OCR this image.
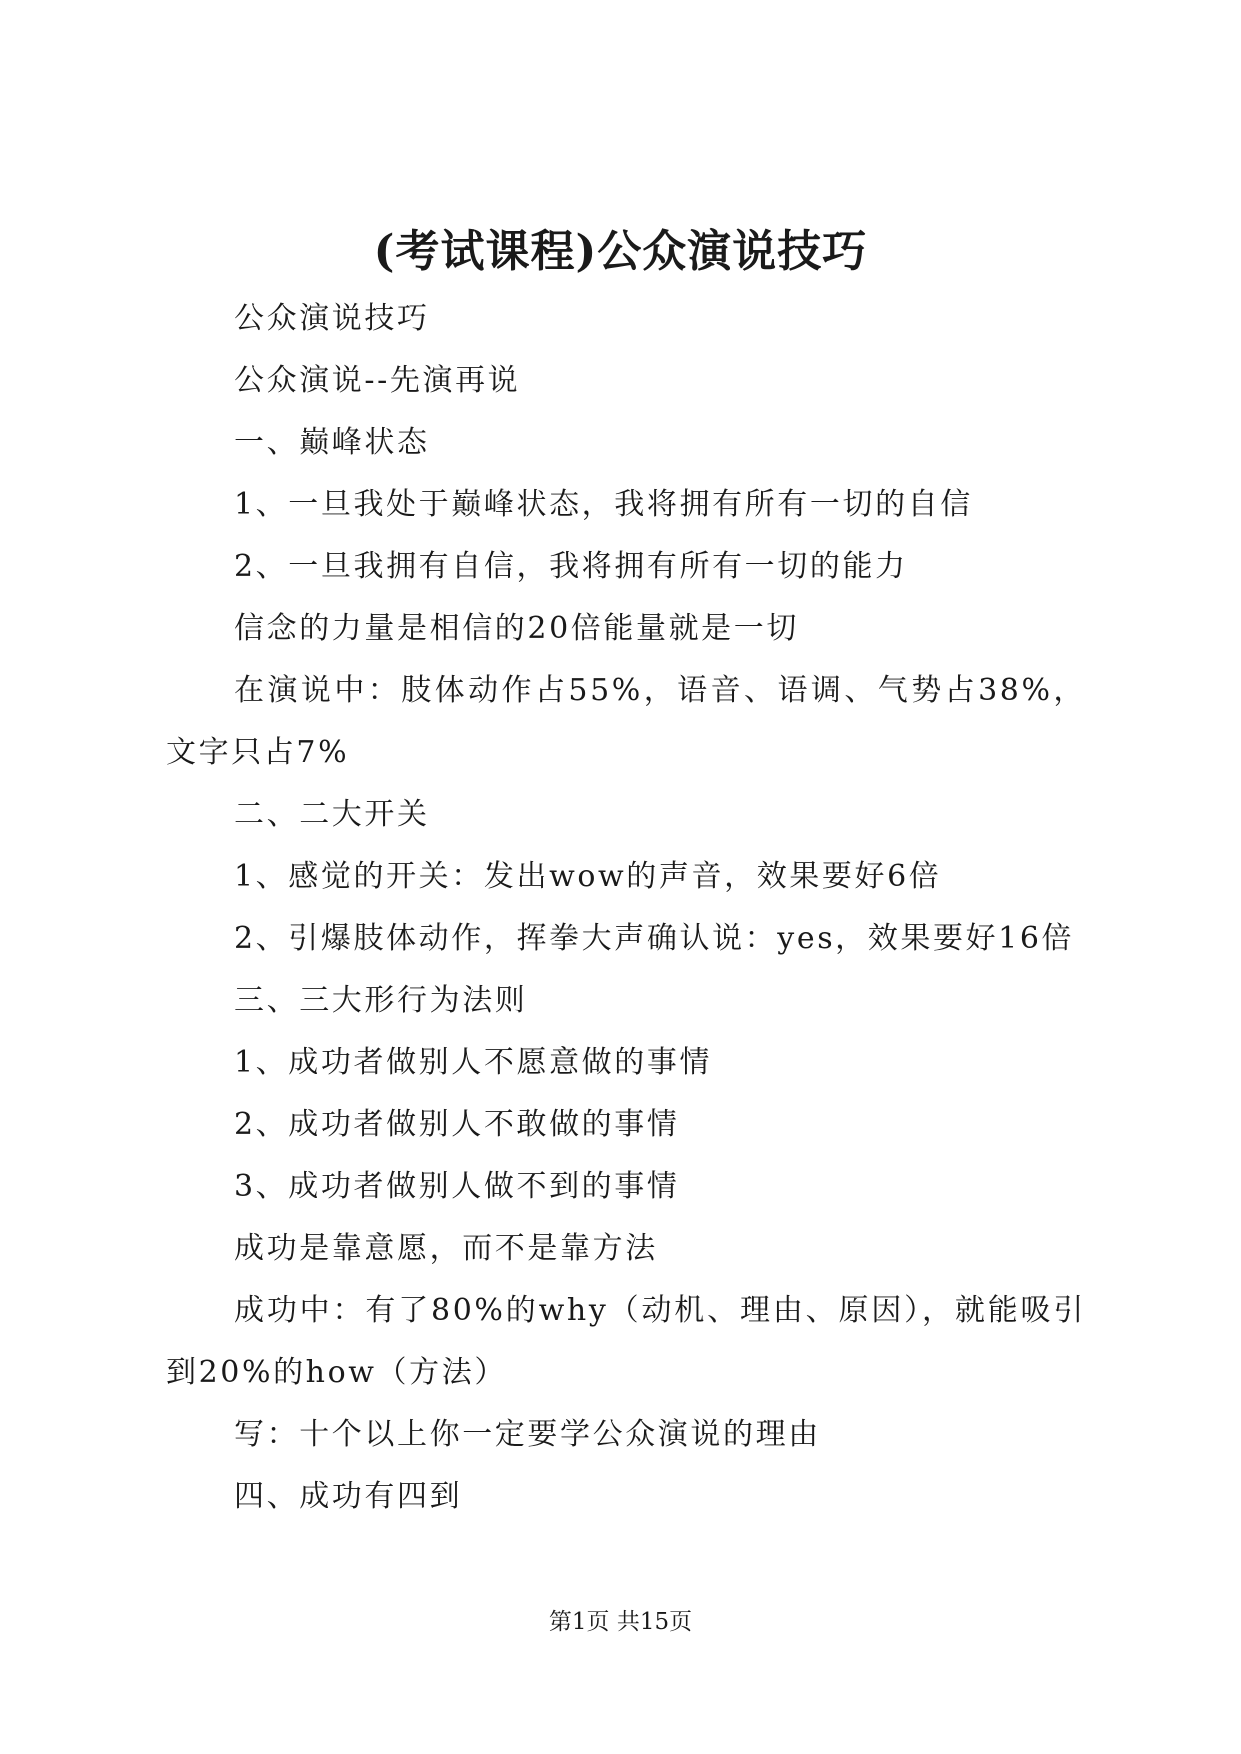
(考试课程)公众演说技巧
公众演说技巧
公众演说--先演再说
一、巅峰状态
1、一旦我处于巅峰状态，我将拥有所有一切的自信
2、一旦我拥有自信，我将拥有所有一切的能力
信念的力量是相信的20倍能量就是一切
在演说中：肢体动作占55%，语音、语调、气势占38%，文字只占7%
二、二大开关
1、感觉的开关：发出wow的声音，效果要好6倍
2、引爆肢体动作，挥拳大声确认说：yes，效果要好16倍
三、三大形行为法则
1、成功者做别人不愿意做的事情
2、成功者做别人不敢做的事情
3、成功者做别人做不到的事情
成功是靠意愿，而不是靠方法
成功中：有了80%的why（动机、理由、原因），就能吸引到20%的how（方法）
写：十个以上你一定要学公众演说的理由
四、成功有四到
第1页 共15页
